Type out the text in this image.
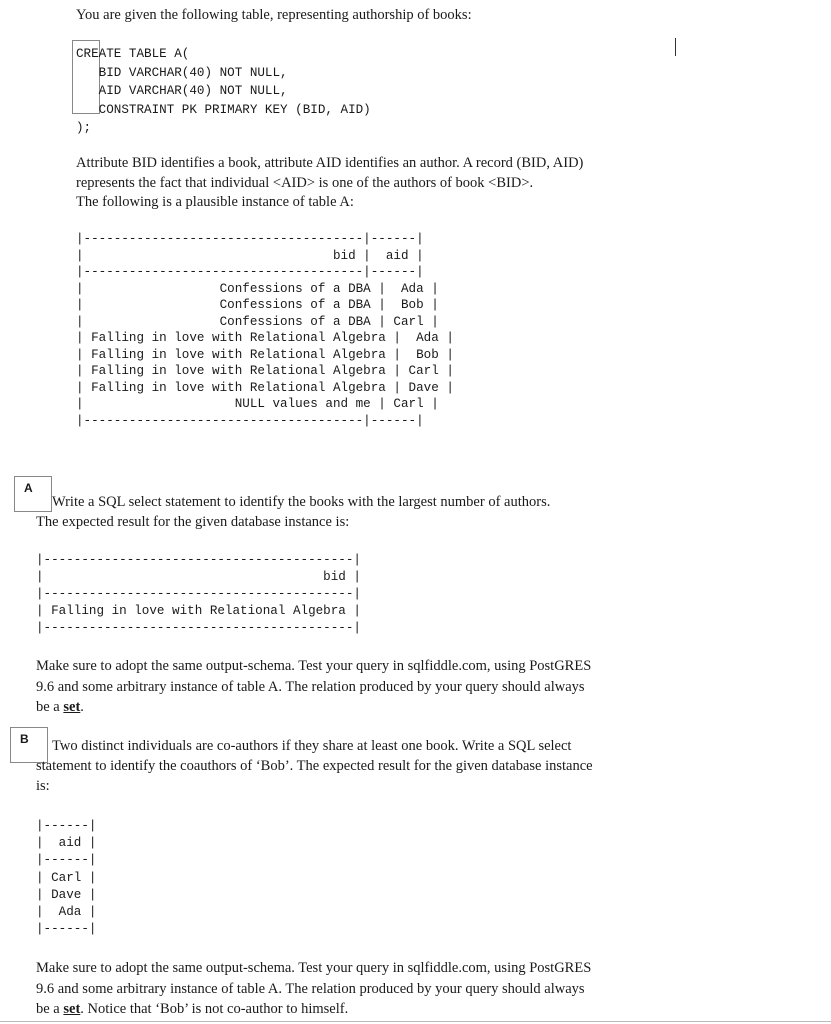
You are given the following table, representing authorship of books:
CREATE TABLE A(
BID VARCHAR(40) NOT NULL,
AID VARCHAR(40) NOT NULL,
CONSTRAINT PK PRIMARY KEY (BID, AID)
);
Attribute BID identifies a book, attribute AID identifies an author. A record (BID, AID)
represents the fact that individual <AID> is one of the authors of book <BID>.
The following is a plausible instance of table A:
|-------------------------------------|------|
|                                 bid |  aid |
|-------------------------------------|------|
|                  Confessions of a DBA |  Ada |
|                  Confessions of a DBA |  Bob |
|                  Confessions of a DBA | Carl |
| Falling in love with Relational Algebra |  Ada |
| Falling in love with Relational Algebra |  Bob |
| Falling in love with Relational Algebra | Carl |
| Falling in love with Relational Algebra | Dave |
|                    NULL values and me | Carl |
|-------------------------------------|------|
A
Write a SQL select statement to identify the books with the largest number of authors.
The expected result for the given database instance is:
|-----------------------------------------|
|                                     bid |
|-----------------------------------------|
| Falling in love with Relational Algebra |
|-----------------------------------------|
Make sure to adopt the same output-schema. Test your query in sqlfiddle.com, using PostGRES
9.6 and some arbitrary instance of table A. The relation produced by your query should always
be a set.
B Two distinct individuals are co-authors if they share at least one book. Write a SQL select
statement to identify the coauthors of ‘Bob’. The expected result for the given database instance
is:
|------|
|  aid |
|------|
| Carl |
| Dave |
|  Ada |
|------|
Make sure to adopt the same output-schema. Test your query in sqlfiddle.com, using PostGRES
9.6 and some arbitrary instance of table A. The relation produced by your query should always
be a set. Notice that ‘Bob’ is not co-author to himself.
